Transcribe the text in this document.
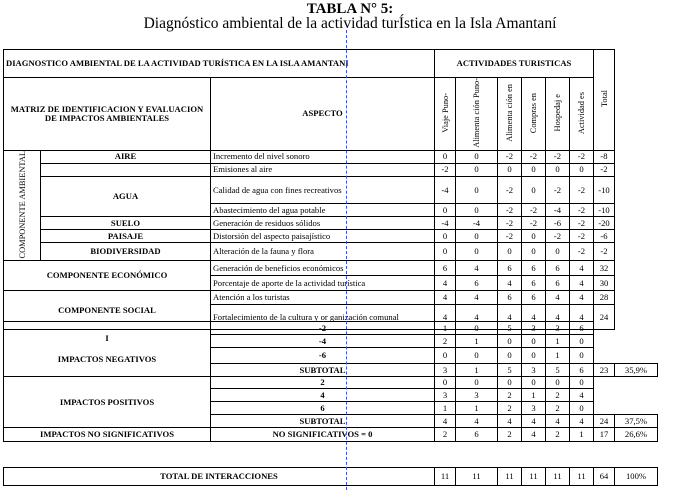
TABLA N° 5:
Diagnóstico ambiental de la actividad turÍstica en la Isla Amantaní
DIAGNOSTICO AMBIENTAL DE LA ACTIVIDAD TURÍSTICA EN LA ISLA AMANTANI			ACTIVIDADES TURISTICAS						Total
MATRIZ DE IDENTIFICACION Y EVALUACION DE IMPACTOS AMBIENTALES		ASPECTO	Viaje Puno-	Alimenta ción Puno-	Alimenta ción en	Compras en	Hospedaj e	Actividad es	
COMPONENTE AMBIENTAL	AIRE	Incremento del nivel sonoro	0	0	-2	-2	-2	-2	-8
		Emisiones al aire	-2	0	0	0	0	0	-2
	AGUA	Calidad de agua con fines recreativos	-4	0	-2	0	-2	-2	-10
		Abastecimiento del agua potable	0	0	-2	-2	-4	-2	-10
	SUELO	Generación de residuos sólidos	-4	-4	-2	-2	-6	-2	-20
	PAISAJE	Distorsión del aspecto paisajístico	0	0	-2	0	-2	-2	-6
	BIODIVERSIDAD	Alteración de la fauna y flora	0	0	0	0	0	-2	-2
COMPONENTE ECONÓMICO		Generación de beneficios económicos	6	4	6	6	6	4	32
		Porcentaje de aporte de la actividad turística	4	6	4	6	6	4	30
COMPONENTE SOCIAL		Atención a los turistas	4	4	6	6	4	4	28
		Fortalecimiento de la cultura y or ganización comunal	4	4	4	4	4	4	24
I
IMPACTOS NEGATIVOS	-2	1	0	5	3	3	6		
	-4	2	1	0	0	1	0		
	-6	0	0	0	0	1	0		
	SUBTOTAL	3	1	5	3	5	6	23	35,9%
IMPACTOS POSITIVOS	2	0	0	0	0	0	0		
	4	3	3	2	1	2	4		
	6	1	1	2	3	2	0		
	SUBTOTAL	4	4	4	4	4	4	24	37,5%
IMPACTOS NO SIGNIFICATIVOS	NO SIGNIFICATIVOS = 0	2	6	2	4	2	1	17	26,6%
TOTAL DE INTERACCIONES	11	11	11	11	11	11	64	100%
